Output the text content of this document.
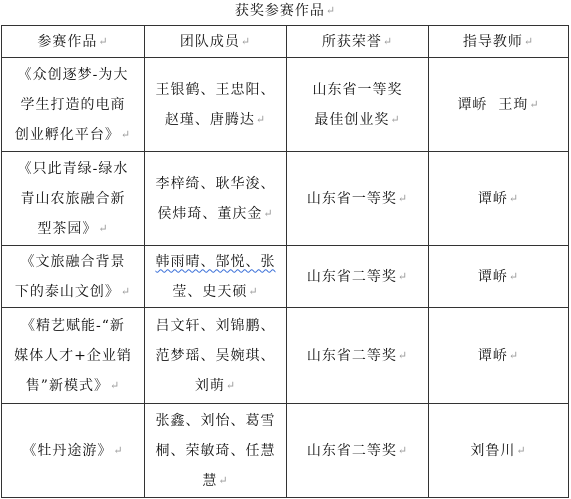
获奖参赛作品↵
参赛作品↵	团队成员↵	所获荣誉↵	指导教师↵

《众创逐梦-为大
学生打造的电商
创业孵化平台》↵	王银鹤、王忠阳、
赵瑾、唐腾达↵	山东省一等奖
最佳创业奖↵	谭峤  王珣↵

《只此青绿-绿水
青山农旅融合新
型茶园》↵	李梓绮、耿华浚、
侯炜琦、董庆金↵	山东省一等奖↵	谭峤↵

《文旅融合背景
下的泰山文创》↵	韩雨晴、郜悦、张
莹、史天硕↵	山东省二等奖↵	谭峤↵

《精艺赋能-“新
媒体人才+企业销
售”新模式》↵	吕文轩、刘锦鹏、
范梦瑶、吴婉琪、
刘萌↵	山东省二等奖↵	谭峤↵

《牡丹途游》↵	张鑫、刘怡、葛雪
桐、荣敏琦、任慧
慧↵	山东省二等奖↵	刘鲁川↵
